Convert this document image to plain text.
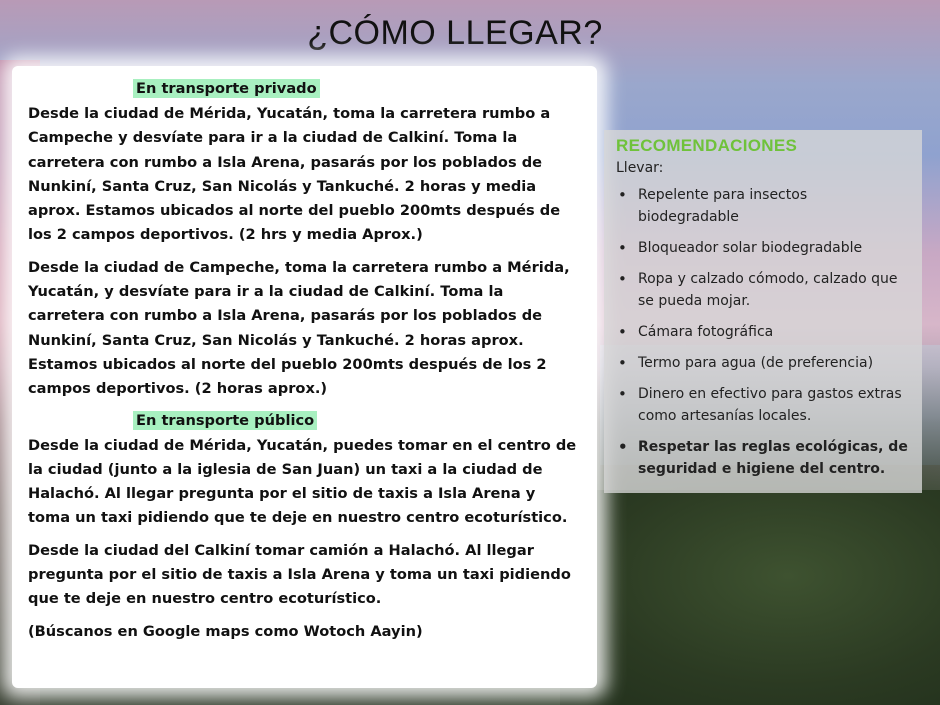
¿CÓMO LLEGAR?
En transporte privado

Desde la ciudad de Mérida, Yucatán, toma la carretera rumbo a Campeche y desvíate para ir a la ciudad de Calkiní. Toma la carretera con rumbo a Isla Arena, pasarás por los poblados de Nunkiní, Santa Cruz, San Nicolás y Tankuché. 2 horas y media aprox. Estamos ubicados al norte del pueblo 200mts después de los 2 campos deportivos. (2 hrs y media Aprox.)

Desde la ciudad de Campeche, toma la carretera rumbo a Mérida, Yucatán, y desvíate para ir a la ciudad de Calkiní. Toma la carretera con rumbo a Isla Arena, pasarás por los poblados de Nunkiní, Santa Cruz, San Nicolás y Tankuché. 2 horas aprox. Estamos ubicados al norte del pueblo 200mts después de los 2 campos deportivos. (2 horas aprox.)

En transporte público

Desde la ciudad de Mérida, Yucatán, puedes tomar en el centro de la ciudad (junto a la iglesia de San Juan) un taxi a la ciudad de Halachó. Al llegar pregunta por el sitio de taxis a Isla Arena y toma un taxi pidiendo que te deje en nuestro centro ecoturístico.

Desde la ciudad del Calkiní tomar camión a Halachó. Al llegar pregunta por el sitio de taxis a Isla Arena y toma un taxi pidiendo que te deje en nuestro centro ecoturístico.

(Búscanos en Google maps como Wotoch Aayin)

RECOMENDACIONES
Llevar:
• Repelente para insectos biodegradable
• Bloqueador solar biodegradable
• Ropa y calzado cómodo, calzado que se pueda mojar.
• Cámara fotográfica
• Termo para agua (de preferencia)
• Dinero en efectivo para gastos extras como artesanías locales.
• Respetar las reglas ecológicas, de seguridad e higiene del centro.
